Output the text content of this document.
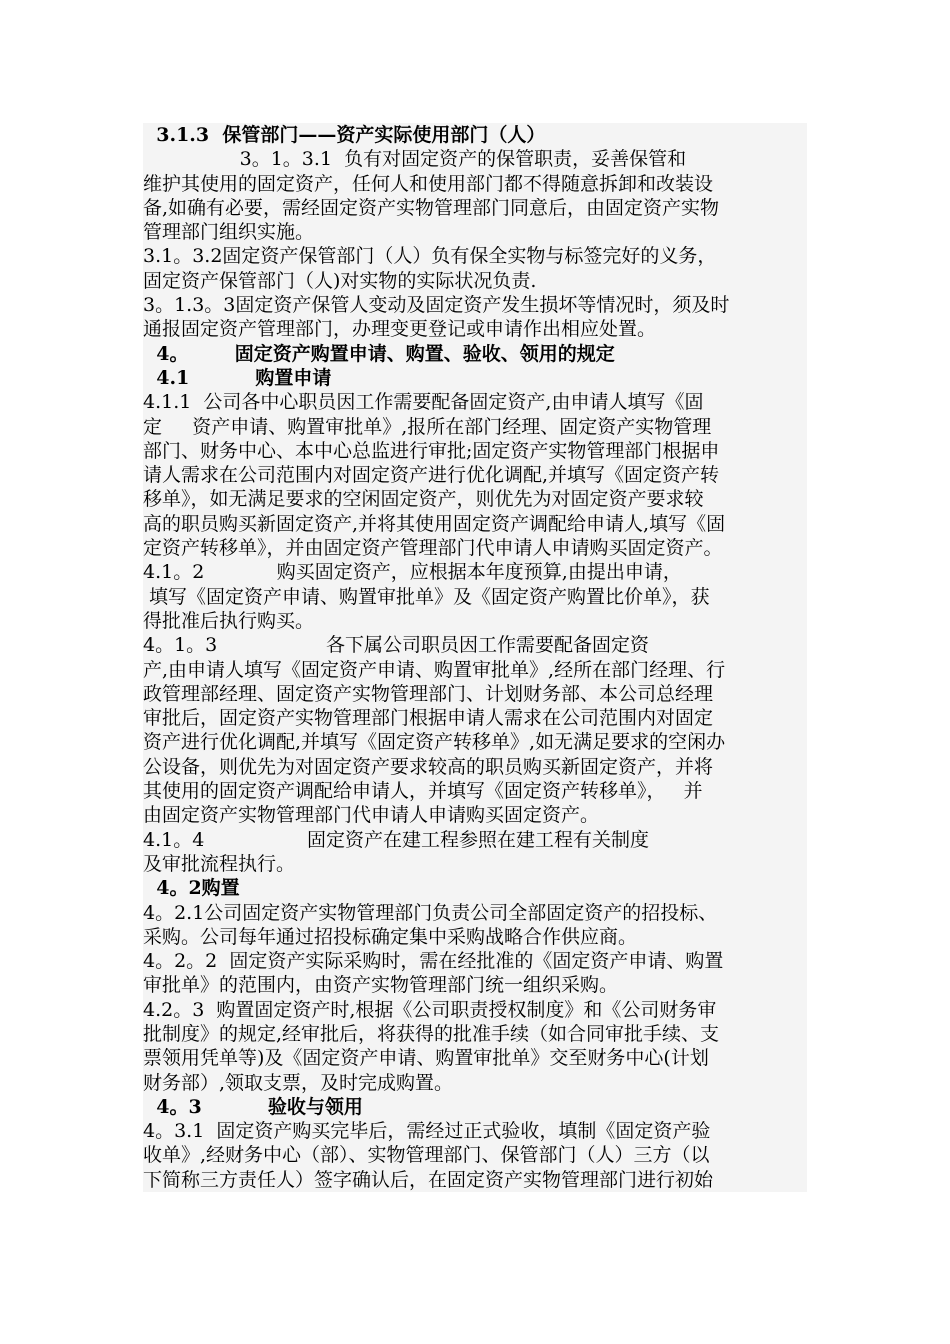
3.1.3  保管部门——资产实际使用部门（人）
3。1。3.1  负有对固定资产的保管职责，妥善保管和
维护其使用的固定资产，任何人和使用部门都不得随意拆卸和改装设
备,如确有必要，需经固定资产实物管理部门同意后，由固定资产实物
管理部门组织实施。
3.1。3.2固定资产保管部门（人）负有保全实物与标签完好的义务，
固定资产保管部门（人)对实物的实际状况负责.
3。1.3。3固定资产保管人变动及固定资产发生损坏等情况时，须及时
通报固定资产管理部门，办理变更登记或申请作出相应处置。
4。       固定资产购置申请、购置、验收、领用的规定
4.1          购置申请
4.1.1  公司各中心职员因工作需要配备固定资产,由申请人填写《固
定     资产申请、购置审批单》,报所在部门经理、固定资产实物管理
部门、财务中心、本中心总监进行审批;固定资产实物管理部门根据申
请人需求在公司范围内对固定资产进行优化调配,并填写《固定资产转
移单》，如无满足要求的空闲固定资产，则优先为对固定资产要求较
高的职员购买新固定资产,并将其使用固定资产调配给申请人,填写《固
定资产转移单》，并由固定资产管理部门代申请人申请购买固定资产。
4.1。2            购买固定资产，应根据本年度预算,由提出申请，
填写《固定资产申请、购置审批单》及《固定资产购置比价单》，获
得批准后执行购买。
4。1。3                  各下属公司职员因工作需要配备固定资
产,由申请人填写《固定资产申请、购置审批单》,经所在部门经理、行
政管理部经理、固定资产实物管理部门、计划财务部、本公司总经理
审批后，固定资产实物管理部门根据申请人需求在公司范围内对固定
资产进行优化调配,并填写《固定资产转移单》,如无满足要求的空闲办
公设备，则优先为对固定资产要求较高的职员购买新固定资产，并将
其使用的固定资产调配给申请人，并填写《固定资产转移单》，   并
由固定资产实物管理部门代申请人申请购买固定资产。
4.1。4                 固定资产在建工程参照在建工程有关制度
及审批流程执行。
4。2购置
4。2.1公司固定资产实物管理部门负责公司全部固定资产的招投标、
采购。公司每年通过招投标确定集中采购战略合作供应商。
4。2。2  固定资产实际采购时，需在经批准的《固定资产申请、购置
审批单》的范围内，由资产实物管理部门统一组织采购。
4.2。3  购置固定资产时,根据《公司职责授权制度》和《公司财务审
批制度》的规定,经审批后，将获得的批准手续（如合同审批手续、支
票领用凭单等)及《固定资产申请、购置审批单》交至财务中心(计划
财务部）,领取支票，及时完成购置。
4。3          验收与领用
4。3.1  固定资产购买完毕后，需经过正式验收，填制《固定资产验
收单》,经财务中心（部）、实物管理部门、保管部门（人）三方（以
下简称三方责任人）签字确认后，在固定资产实物管理部门进行初始
